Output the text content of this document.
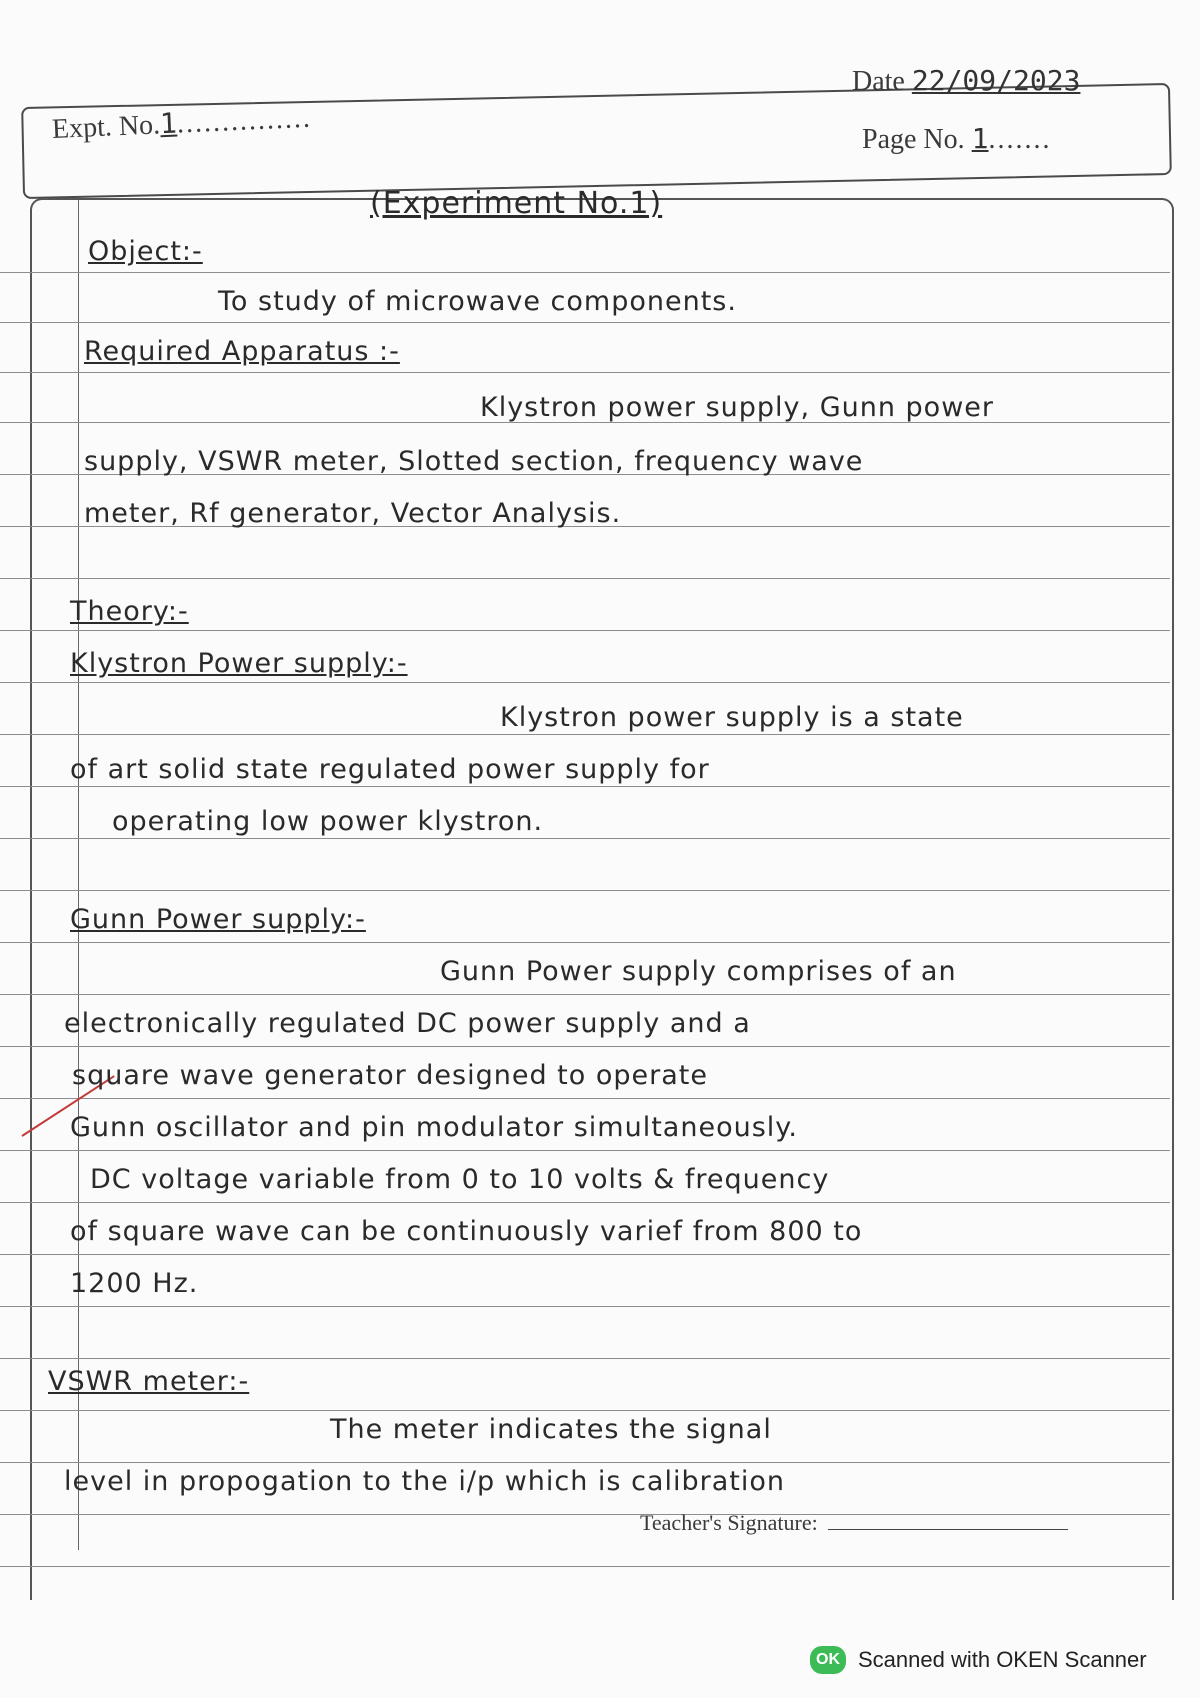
Expt. No.1...............
Date 22/09/2023
Page No. 1.......
(Experiment No.1)
Object:-
To study of microwave components.
Required Apparatus :-
Klystron power supply, Gunn power
supply, VSWR meter, Slotted section, frequency wave
meter, Rf generator, Vector Analysis.
Theory:-
Klystron Power supply:-
Klystron power supply is a state
of art solid state regulated power supply for
operating low power klystron.
Gunn Power supply:-
Gunn Power supply comprises of an
electronically regulated DC power supply and a
square wave generator designed to operate
Gunn oscillator and pin modulator simultaneously.
DC voltage variable from 0 to 10 volts & frequency
of square wave can be continuously varief from 800 to
1200 Hz.
VSWR meter:-
The meter indicates the signal
level in propogation to the i/p which is calibration
Teacher's Signature:
OK Scanned with OKEN Scanner
